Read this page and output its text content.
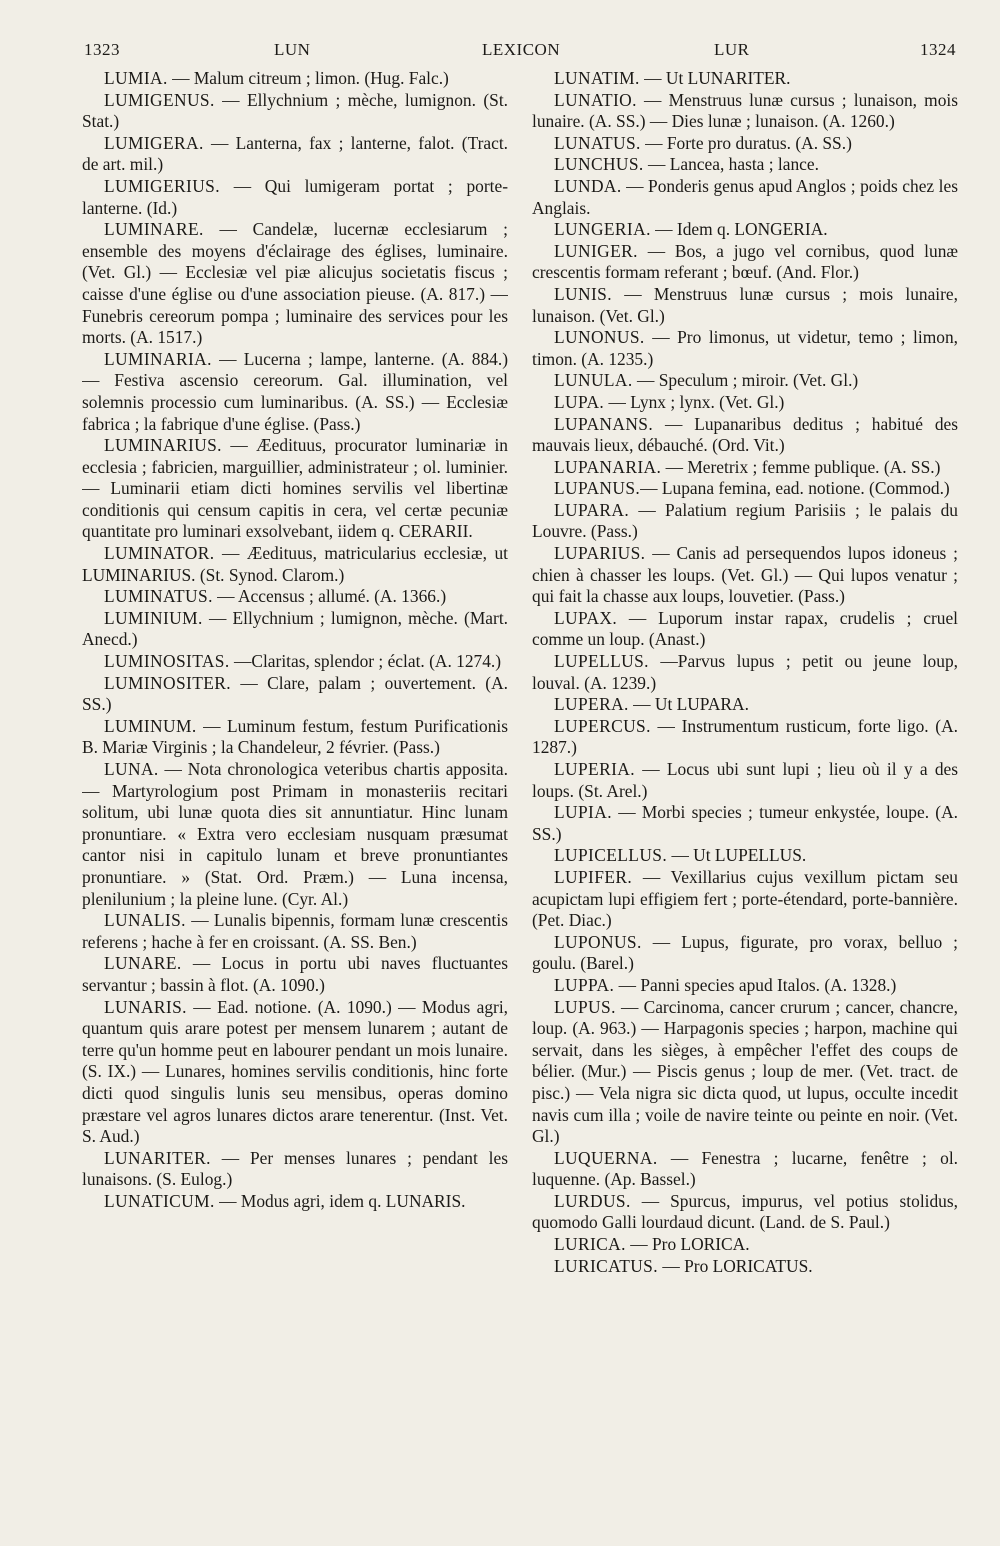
1323	LUN	LEXICON	LUR	1324

LUMIA. — Malum citreum ; limon. (Hug. Falc.)

LUMIGENUS. — Ellychnium ; mèche, lumignon. (St. Stat.)

LUMIGERA. — Lanterna, fax ; lanterne, falot. (Tract. de art. mil.)

LUMIGERIUS. — Qui lumigeram portat ; porte-lanterne. (Id.)

LUMINARE. — Candelæ, lucernæ ecclesiarum ; ensemble des moyens d'éclairage des églises, luminaire. (Vet. Gl.) — Ecclesiæ vel piæ alicujus societatis fiscus ; caisse d'une église ou d'une association pieuse. (A. 817.) — Funebris cereorum pompa ; luminaire des services pour les morts. (A. 1517.)

LUMINARIA. — Lucerna ; lampe, lanterne. (A. 884.) — Festiva ascensio cereorum. Gal. illumination, vel solemnis processio cum luminaribus. (A. SS.) — Ecclesiæ fabrica ; la fabrique d'une église. (Pass.)

LUMINARIUS. — Æedituus, procurator luminariæ in ecclesia ; fabricien, marguillier, administrateur ; ol. luminier. — Luminarii etiam dicti homines servilis vel libertinæ conditionis qui censum capitis in cera, vel certæ pecuniæ quantitate pro luminari exsolvebant, iidem q. CERARII.

LUMINATOR. — Æedituus, matricularius ecclesiæ, ut LUMINARIUS. (St. Synod. Clarom.)

LUMINATUS. — Accensus ; allumé. (A. 1366.)

LUMINIUM. — Ellychnium ; lumignon, mèche. (Mart. Anecd.)

LUMINOSITAS. —Claritas, splendor ; éclat. (A. 1274.)

LUMINOSITER. — Clare, palam ; ouvertement. (A. SS.)

LUMINUM. — Luminum festum, festum Purificationis B. Mariæ Virginis ; la Chandeleur, 2 février. (Pass.)

LUNA. — Nota chronologica veteribus chartis apposita. — Martyrologium post Primam in monasteriis recitari solitum, ubi lunæ quota dies sit annuntiatur. Hinc lunam pronuntiare. « Extra vero ecclesiam nusquam præsumat cantor nisi in capitulo lunam et breve pronuntiantes pronuntiare. » (Stat. Ord. Præm.) — Luna incensa, plenilunium ; la pleine lune. (Cyr. Al.)

LUNALIS. — Lunalis bipennis, formam lunæ crescentis referens ; hache à fer en croissant. (A. SS. Ben.)

LUNARE. — Locus in portu ubi naves fluctuantes servantur ; bassin à flot. (A. 1090.)

LUNARIS. — Ead. notione. (A. 1090.) — Modus agri, quantum quis arare potest per mensem lunarem ; autant de terre qu'un homme peut en labourer pendant un mois lunaire. (S. IX.) — Lunares, homines servilis conditionis, hinc forte dicti quod singulis lunis seu mensibus, operas domino præstare vel agros lunares dictos arare tenerentur. (Inst. Vet. S. Aud.)

LUNARITER. — Per menses lunares ; pendant les lunaisons. (S. Eulog.)

LUNATICUM. — Modus agri, idem q. LUNARIS.

LUNATIM. — Ut LUNARITER.

LUNATIO. — Menstruus lunæ cursus ; lunaison, mois lunaire. (A. SS.) — Dies lunæ ; lunaison. (A. 1260.)

LUNATUS. — Forte pro duratus. (A. SS.)

LUNCHUS. — Lancea, hasta ; lance.

LUNDA. — Ponderis genus apud Anglos ; poids chez les Anglais.

LUNGERIA. — Idem q. LONGERIA.

LUNIGER. — Bos, a jugo vel cornibus, quod lunæ crescentis formam referant ; bœuf. (And. Flor.)

LUNIS. — Menstruus lunæ cursus ; mois lunaire, lunaison. (Vet. Gl.)

LUNONUS. — Pro limonus, ut videtur, temo ; limon, timon. (A. 1235.)

LUNULA. — Speculum ; miroir. (Vet. Gl.)

LUPA. — Lynx ; lynx. (Vet. Gl.)

LUPANANS. — Lupanaribus deditus ; habitué des mauvais lieux, débauché. (Ord. Vit.)

LUPANARIA. — Meretrix ; femme publique. (A. SS.)

LUPANUS.— Lupana femina, ead. notione. (Commod.)

LUPARA. — Palatium regium Parisiis ; le palais du Louvre. (Pass.)

LUPARIUS. — Canis ad persequendos lupos idoneus ; chien à chasser les loups. (Vet. Gl.) — Qui lupos venatur ; qui fait la chasse aux loups, louvetier. (Pass.)

LUPAX. — Luporum instar rapax, crudelis ; cruel comme un loup. (Anast.)

LUPELLUS. —Parvus lupus ; petit ou jeune loup, louval. (A. 1239.)

LUPERA. — Ut LUPARA.

LUPERCUS. — Instrumentum rusticum, forte ligo. (A. 1287.)

LUPERIA. — Locus ubi sunt lupi ; lieu où il y a des loups. (St. Arel.)

LUPIA. — Morbi species ; tumeur enkystée, loupe. (A. SS.)

LUPICELLUS. — Ut LUPELLUS.

LUPIFER. — Vexillarius cujus vexillum pictam seu acupictam lupi effigiem fert ; porte-étendard, porte-bannière. (Pet. Diac.)

LUPONUS. — Lupus, figurate, pro vorax, belluo ; goulu. (Barel.)

LUPPA. — Panni species apud Italos. (A. 1328.)

LUPUS. — Carcinoma, cancer crurum ; cancer, chancre, loup. (A. 963.) — Harpagonis species ; harpon, machine qui servait, dans les sièges, à empêcher l'effet des coups de bélier. (Mur.) — Piscis genus ; loup de mer. (Vet. tract. de pisc.) — Vela nigra sic dicta quod, ut lupus, occulte incedit navis cum illa ; voile de navire teinte ou peinte en noir. (Vet. Gl.)

LUQUERNA. — Fenestra ; lucarne, fenêtre ; ol. luquenne. (Ap. Bassel.)

LURDUS. — Spurcus, impurus, vel potius stolidus, quomodo Galli lourdaud dicunt. (Land. de S. Paul.)

LURICA. — Pro LORICA.

LURICATUS. — Pro LORICATUS.
